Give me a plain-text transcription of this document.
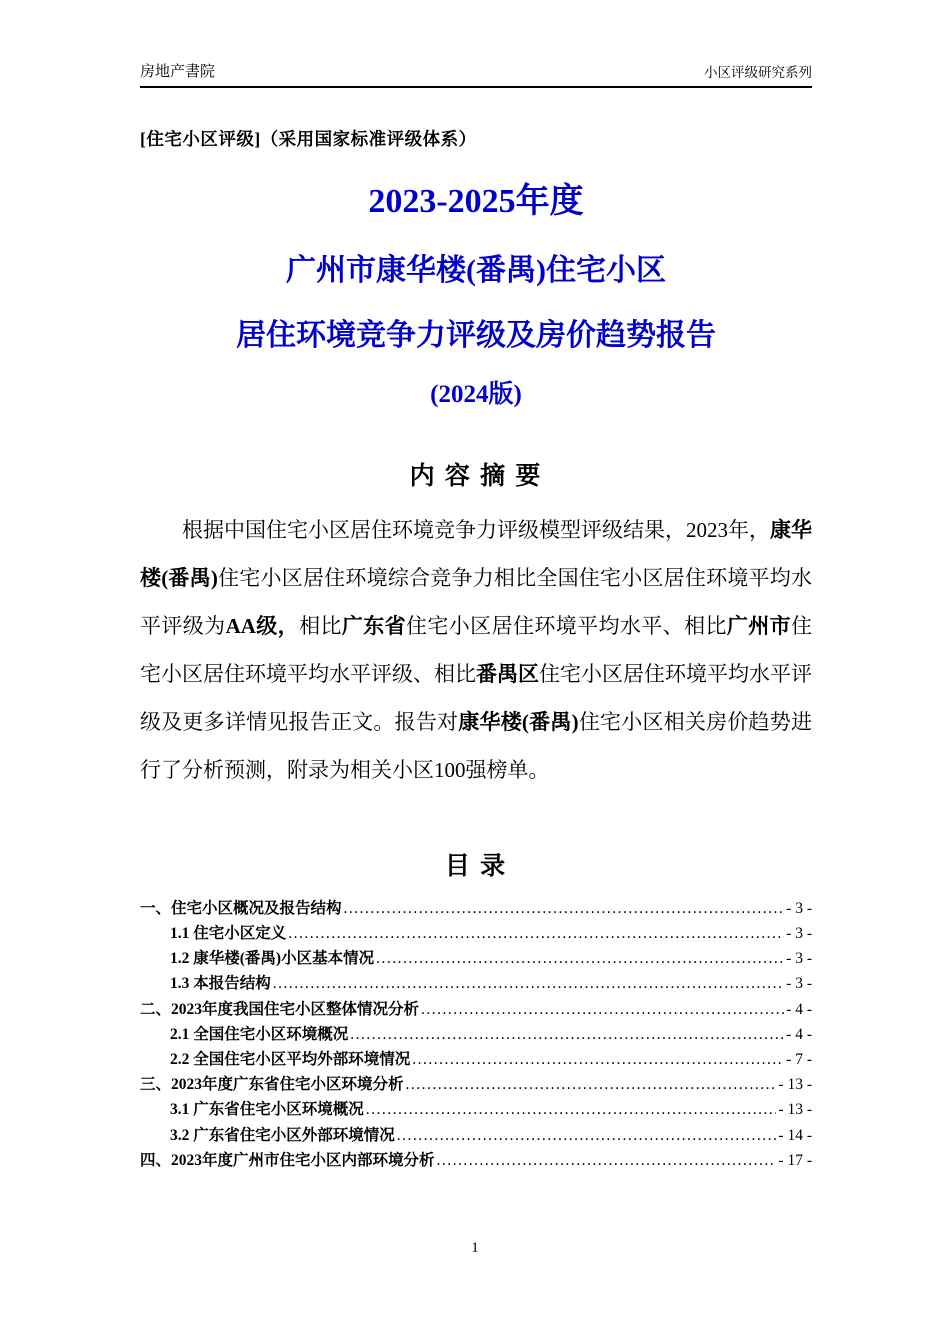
房地产書院	小区评级研究系列

[住宅小区评级]（采用国家标准评级体系）

2023-2025年度
广州市康华楼(番禺)住宅小区
居住环境竞争力评级及房价趋势报告
(2024版)
内 容 摘 要

根据中国住宅小区居住环境竞争力评级模型评级结果，2023年，康华楼(番禺)住宅小区居住环境综合竞争力相比全国住宅小区居住环境平均水平评级为AA级，相比广东省住宅小区居住环境平均水平、相比广州市住宅小区居住环境平均水平评级、相比番禺区住宅小区居住环境平均水平评级及更多详情见报告正文。报告对康华楼(番禺)住宅小区相关房价趋势进行了分析预测，附录为相关小区100强榜单。

目 录
一、住宅小区概况及报告结构 .....	- 3 -
1.1 住宅小区定义 .....	- 3 -
1.2 康华楼(番禺)小区基本情况 .....	- 3 -
1.3 本报告结构 .....	- 3 -
二、2023年度我国住宅小区整体情况分析 .....	- 4 -
2.1 全国住宅小区环境概况 .....	- 4 -
2.2 全国住宅小区平均外部环境情况 .....	- 7 -
三、2023年度广东省住宅小区环境分析 .....	- 13 -
3.1 广东省住宅小区环境概况 .....	- 13 -
3.2 广东省住宅小区外部环境情况 .....	- 14 -
四、2023年度广州市住宅小区内部环境分析 .....	- 17 -
1
